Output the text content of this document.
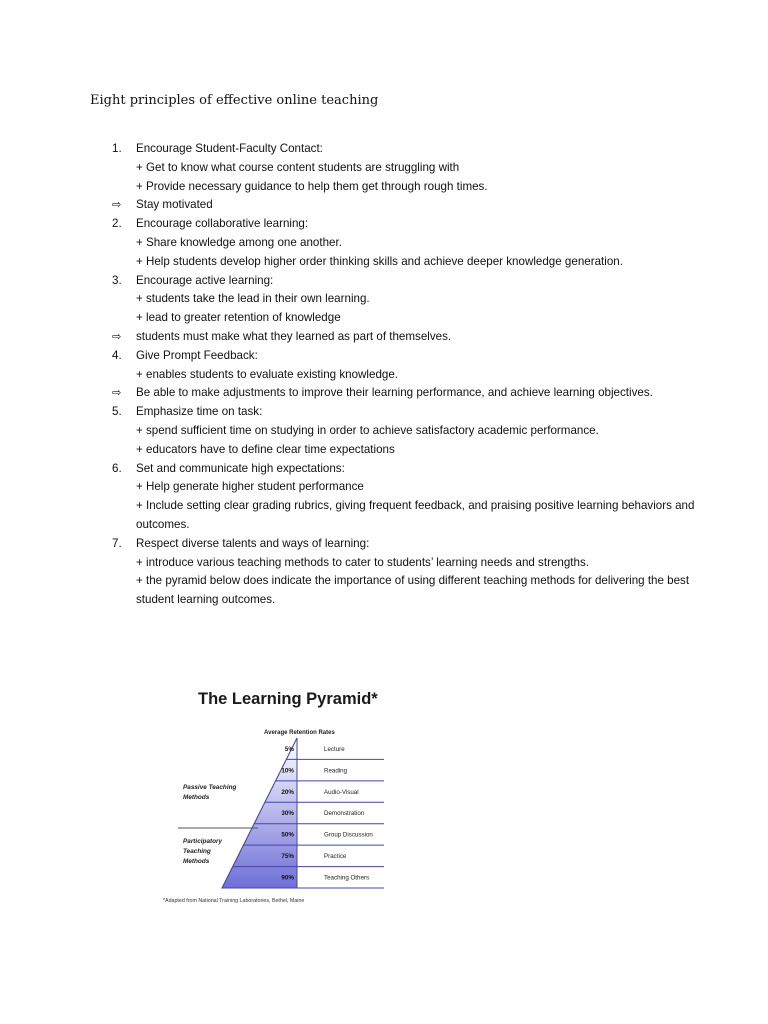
Eight principles of effective online teaching
1.	Encourage Student-Faculty Contact:
+ Get to know what course content students are struggling with
+ Provide necessary guidance to help them get through rough times.
⇨	Stay motivated
2.	Encourage collaborative learning:
+ Share knowledge among one another.
+ Help students develop higher order thinking skills and achieve deeper knowledge generation.
3.	Encourage active learning:
+ students take the lead in their own learning.
+ lead to greater retention of knowledge
⇨	students must make what they learned as part of themselves.
4.	Give Prompt Feedback:
+ enables students to evaluate existing knowledge.
⇨	Be able to make adjustments to improve their learning performance, and achieve learning objectives.
5.	Emphasize time on task:
+ spend sufficient time on studying in order to achieve satisfactory academic performance.
+ educators have to define clear time expectations
6.	Set and communicate high expectations:
+ Help generate higher student performance
+ Include setting clear grading rubrics, giving frequent feedback, and praising positive learning behaviors and outcomes.
7.	Respect diverse talents and ways of learning:
+ introduce various teaching methods to cater to students’ learning needs and strengths.
+ the pyramid below does indicate the importance of using different teaching methods for delivering the best student learning outcomes.
Average Retention Rates
5%	Lecture
10%	Reading
20%	Audio-Visual
30%	Demonstration
50%	Group Discussion
75%	Practice
90%	Teaching Others
Passive Teaching
Methods
Participatory
Teaching
Methods
*Adapted from National Training Laboratories, Bethel, Maine
The Learning Pyramid*
